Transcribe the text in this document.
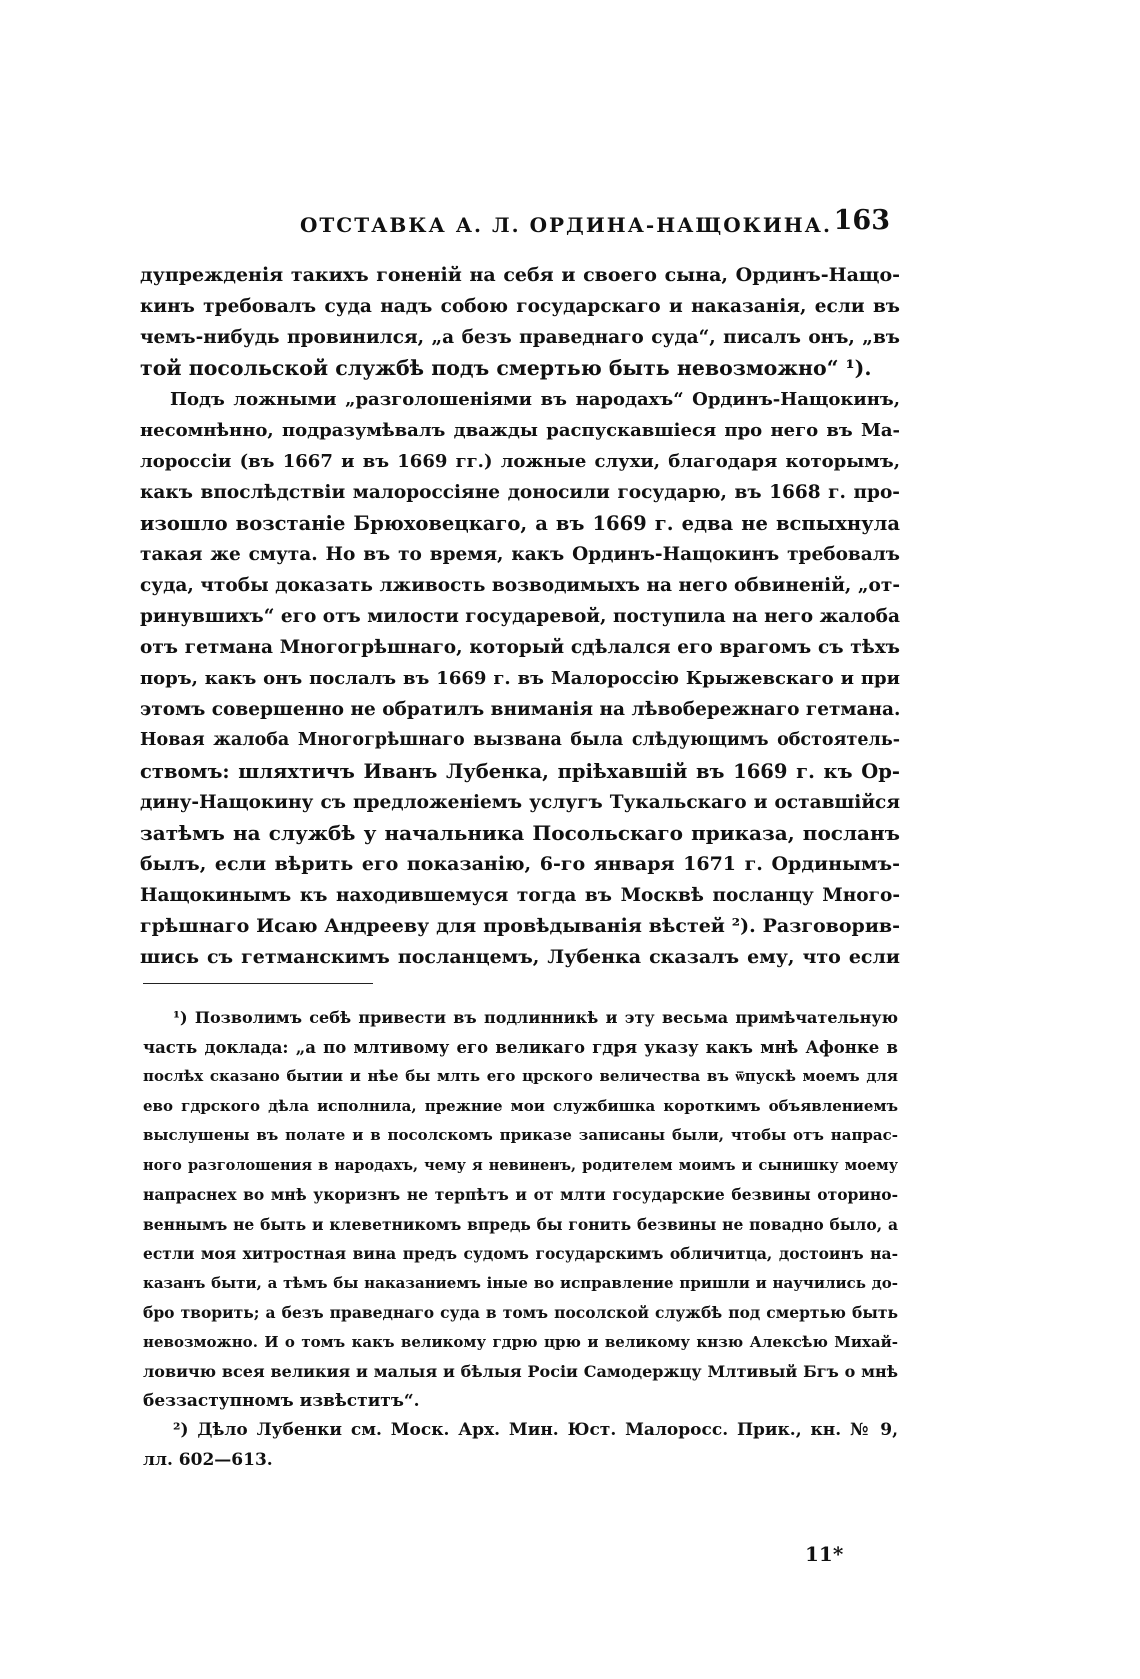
ОТСТАВКА А. Л. ОРДИНА-НАЩОКИНА. 163
дупрежденія такихъ гоненій на себя и своего сына, Ординъ-Нащо-
кинъ требовалъ суда надъ собою государскаго и наказанія, если въ
чемъ-нибудь провинился, „а безъ праведнаго суда“, писалъ онъ, „въ
той посольской службѣ подъ смертью быть невозможно“ ¹).
Подъ ложными „разголошеніями въ народахъ“ Ординъ-Нащокинъ,
несомнѣнно, подразумѣвалъ дважды распускавшіеся про него въ Ма-
лороссіи (въ 1667 и въ 1669 гг.) ложные слухи, благодаря которымъ,
какъ впослѣдствіи малороссіяне доносили государю, въ 1668 г. про-
изошло возстаніе Брюховецкаго, а въ 1669 г. едва не вспыхнула
такая же смута. Но въ то время, какъ Ординъ-Нащокинъ требовалъ
суда, чтобы доказать лживость возводимыхъ на него обвиненій, „от-
ринувшихъ“ его отъ милости государевой, поступила на него жалоба
отъ гетмана Многогрѣшнаго, который сдѣлался его врагомъ съ тѣхъ
поръ, какъ онъ послалъ въ 1669 г. въ Малороссію Крыжевскаго и при
этомъ совершенно не обратилъ вниманія на лѣвобережнаго гетмана.
Новая жалоба Многогрѣшнаго вызвана была слѣдующимъ обстоятель-
ствомъ: шляхтичъ Иванъ Лубенка, пріѣхавшій въ 1669 г. къ Ор-
дину-Нащокину съ предложеніемъ услугъ Тукальскаго и оставшійся
затѣмъ на службѣ у начальника Посольскаго приказа, посланъ
былъ, если вѣрить его показанію, 6-го января 1671 г. Ординымъ-
Нащокинымъ къ находившемуся тогда въ Москвѣ посланцу Много-
грѣшнаго Исаю Андрееву для провѣдыванія вѣстей ²). Разговорив-
шись съ гетманскимъ посланцемъ, Лубенка сказалъ ему, что если
¹) Позволимъ себѣ привести въ подлинникѣ и эту весьма примѣчательную
часть доклада: „а по млтивому его великаго гдря указу какъ мнѣ Афонке в
послѣх сказано бытии и нѣе бы млть его црского величества въ ѿпускѣ моемъ для
ево гдрского дѣла исполнила, прежние мои службишка короткимъ объявлениемъ
выслушены въ полате и в посолскомъ приказе записаны были, чтобы отъ напрас-
ного разголошения в народахъ, чему я невиненъ, родителем моимъ и сынишку моему
напраснех во мнѣ укоризнъ не терпѣтъ и от млти государские безвины оторино-
веннымъ не быть и клеветникомъ впредь бы гонить безвины не повадно было, а
естли моя хитростная вина предъ судомъ государскимъ обличитца, достоинъ на-
казанъ быти, а тѣмъ бы наказаниемъ іные во исправление пришли и научились до-
бро творить; а безъ праведнаго суда в томъ посолской службѣ под смертью быть
невозможно. И о томъ какъ великому гдрю црю и великому кнзю Алексѣю Михай-
ловичю всея великия и малыя и бѣлыя Росіи Самодержцу Млтивый Бгъ о мнѣ
беззаступномъ извѣститъ“.
²) Дѣло Лубенки см. Моск. Арх. Мин. Юст. Малоросс. Прик., кн. № 9,
лл. 602—613.
11*
